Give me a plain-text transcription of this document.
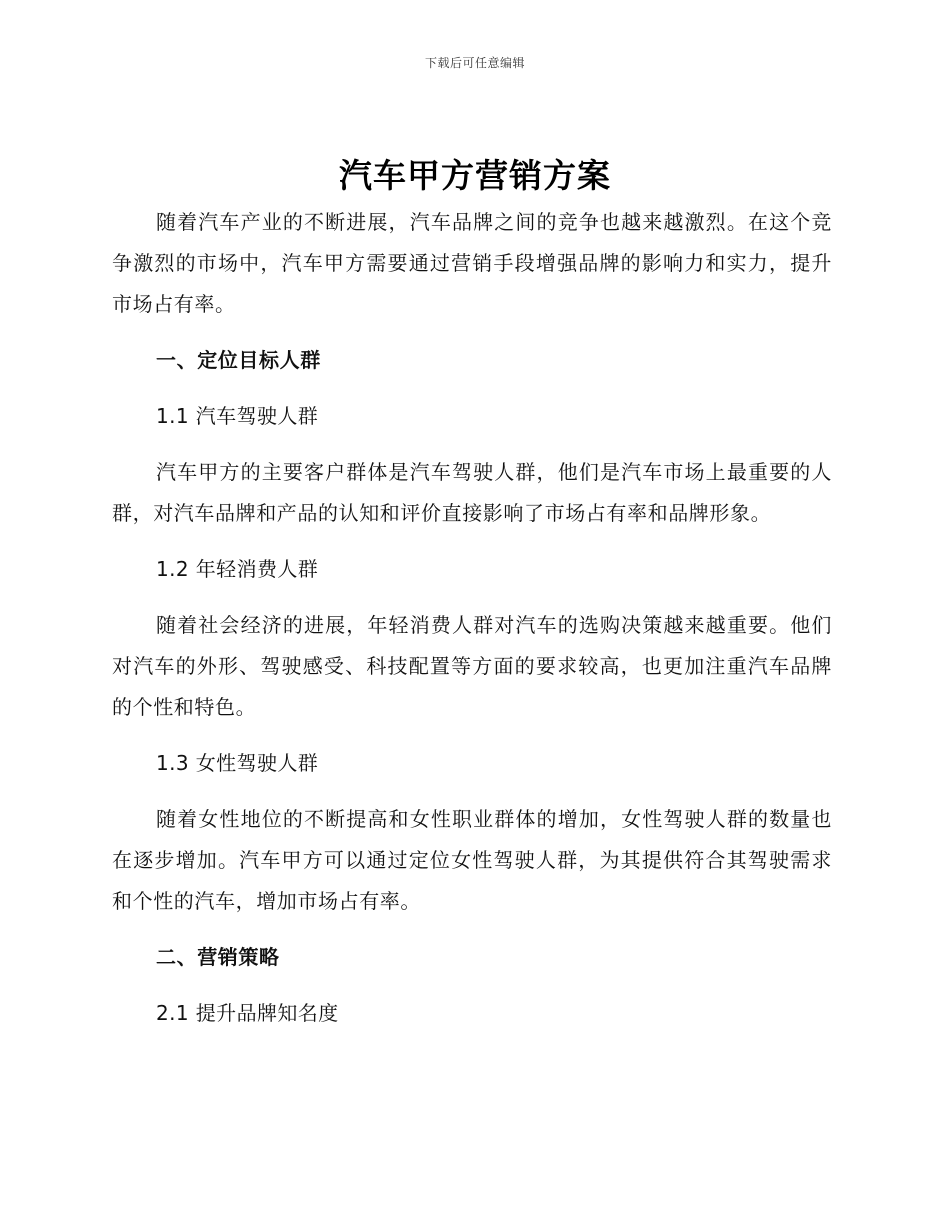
下载后可任意编辑
汽车甲方营销方案

随着汽车产业的不断进展，汽车品牌之间的竞争也越来越激烈。在这个竞争激烈的市场中，汽车甲方需要通过营销手段增强品牌的影响力和实力，提升市场占有率。

一、定位目标人群
1.1 汽车驾驶人群

汽车甲方的主要客户群体是汽车驾驶人群，他们是汽车市场上最重要的人群，对汽车品牌和产品的认知和评价直接影响了市场占有率和品牌形象。

1.2 年轻消费人群

随着社会经济的进展，年轻消费人群对汽车的选购决策越来越重要。他们对汽车的外形、驾驶感受、科技配置等方面的要求较高，也更加注重汽车品牌的个性和特色。

1.3 女性驾驶人群

随着女性地位的不断提高和女性职业群体的增加，女性驾驶人群的数量也在逐步增加。汽车甲方可以通过定位女性驾驶人群，为其提供符合其驾驶需求和个性的汽车，增加市场占有率。

二、营销策略
2.1 提升品牌知名度
